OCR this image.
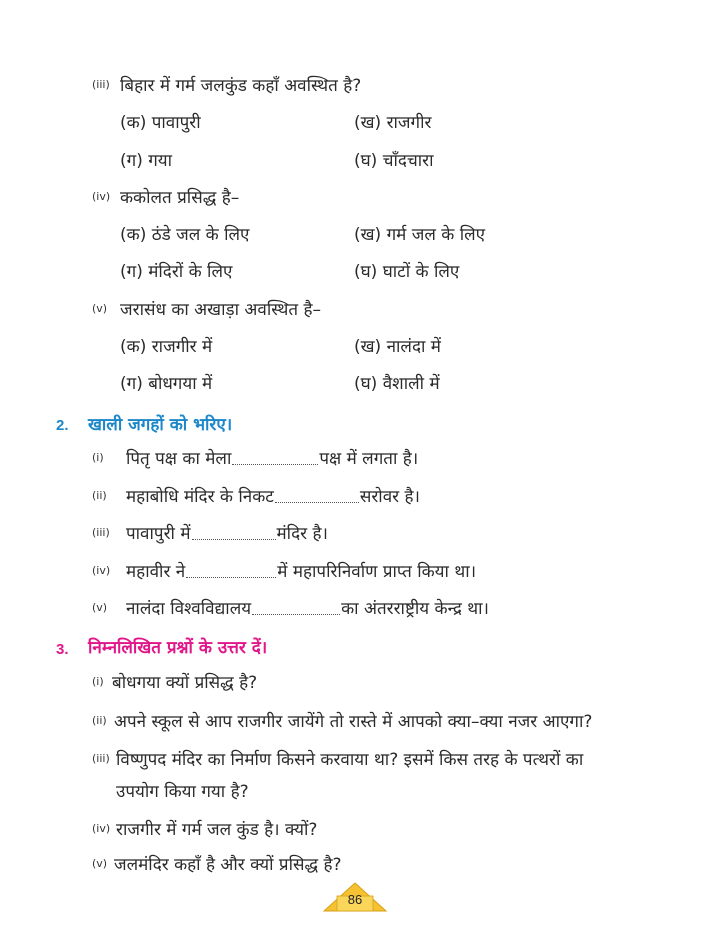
(iii) बिहार में गर्म जलकुंड कहाँ अवस्थित है?
(क) पावापुरी	(ख) राजगीर
(ग) गया	(घ) चाँदचारा
(iv) ककोलत प्रसिद्ध है–
(क) ठंडे जल के लिए	(ख) गर्म जल के लिए
(ग) मंदिरों के लिए	(घ) घाटों के लिए
(v) जरासंध का अखाड़ा अवस्थित है–
(क) राजगीर में	(ख) नालंदा में
(ग) बोधगया में	(घ) वैशाली में
2. खाली जगहों को भरिए।
(i)	पितृ पक्ष का मेला	पक्ष में लगता है।
(ii)	महाबोधि मंदिर के निकट	सरोवर है।
(iii) पावापुरी में	मंदिर है।
(iv) महावीर ने	में महापरिनिर्वाण प्राप्त किया था।
(v)	नालंदा विश्वविद्यालय	का अंतरराष्ट्रीय केन्द्र था।
3. निम्नलिखित प्रश्नों के उत्तर दें।
(i) बोधगया क्यों प्रसिद्ध है?
(ii) अपने स्कूल से आप राजगीर जायेंगे तो रास्ते में आपको क्या–क्या नजर आएगा?
(iii) विष्णुपद मंदिर का निर्माण किसने करवाया था? इसमें किस तरह के पत्थरों का
उपयोग किया गया है?
(iv) राजगीर में गर्म जल कुंड है। क्यों?
(v) जलमंदिर कहाँ है और क्यों प्रसिद्ध है?
86
